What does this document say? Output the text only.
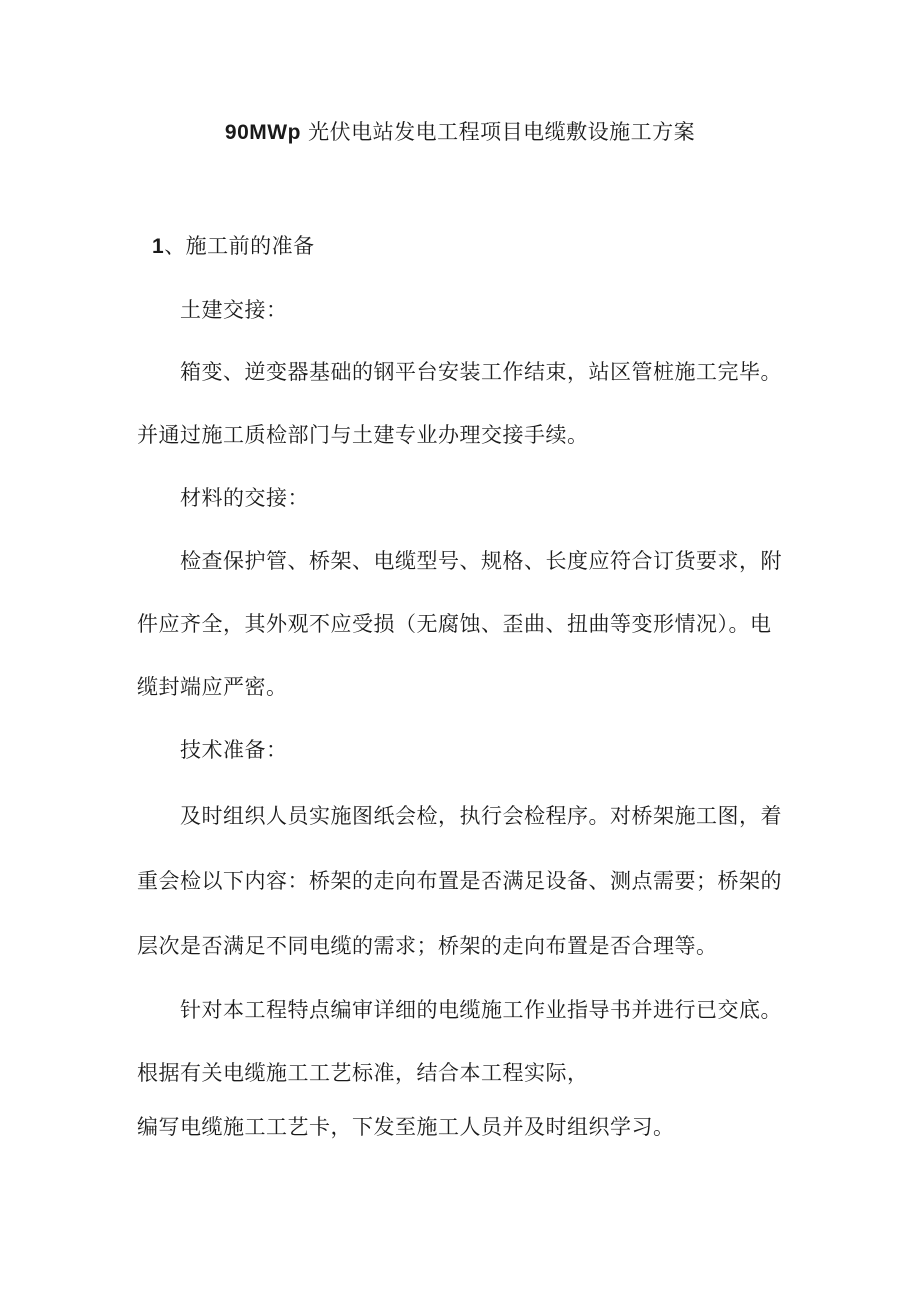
90MWp 光伏电站发电工程项目电缆敷设施工方案
1、施工前的准备
土建交接：
箱变、逆变器基础的钢平台安装工作结束，站区管桩施工完毕。
并通过施工质检部门与土建专业办理交接手续。
材料的交接：
检查保护管、桥架、电缆型号、规格、长度应符合订货要求，附
件应齐全，其外观不应受损（无腐蚀、歪曲、扭曲等变形情况）。电
缆封端应严密。
技术准备：
及时组织人员实施图纸会检，执行会检程序。对桥架施工图，着
重会检以下内容：桥架的走向布置是否满足设备、测点需要；桥架的
层次是否满足不同电缆的需求；桥架的走向布置是否合理等。
针对本工程特点编审详细的电缆施工作业指导书并进行已交底。
根据有关电缆施工工艺标准，结合本工程实际，
编写电缆施工工艺卡，下发至施工人员并及时组织学习。
